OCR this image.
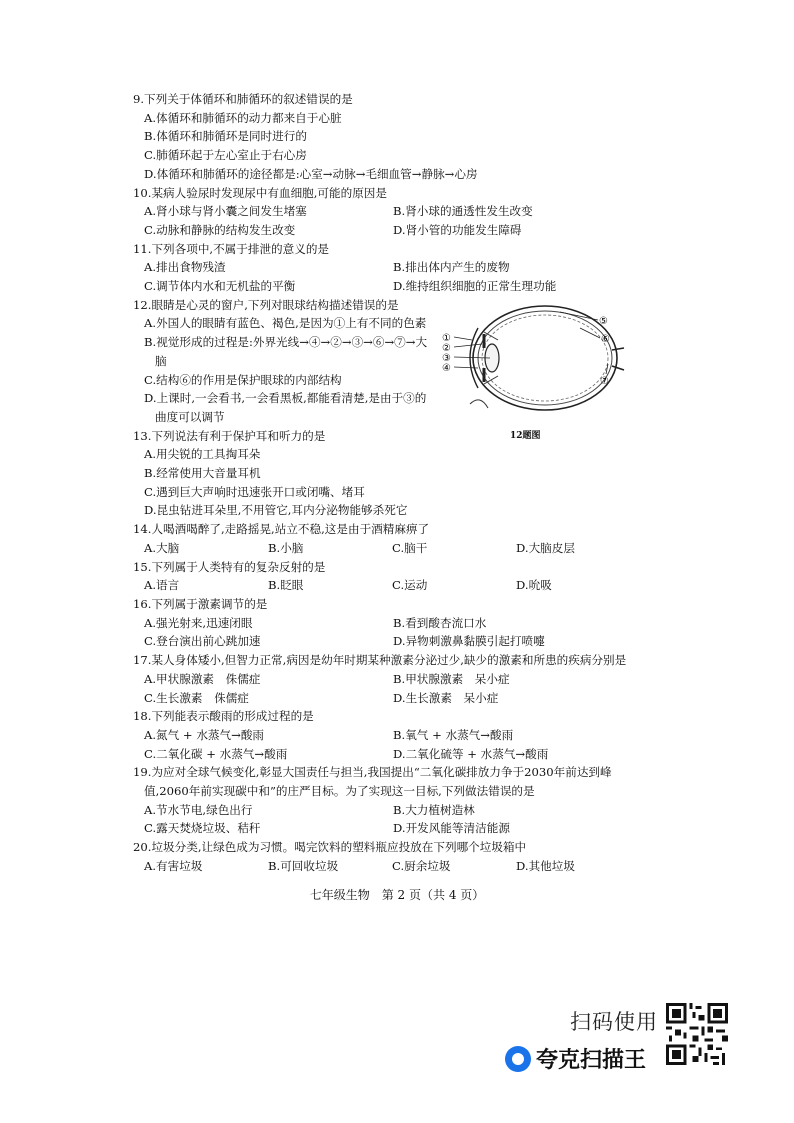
9.下列关于体循环和肺循环的叙述错误的是
A.体循环和肺循环的动力都来自于心脏
B.体循环和肺循环是同时进行的
C.肺循环起于左心室止于右心房
D.体循环和肺循环的途径都是:心室→动脉→毛细血管→静脉→心房
10.某病人验尿时发现尿中有血细胞,可能的原因是
A.肾小球与肾小囊之间发生堵塞	B.肾小球的通透性发生改变
C.动脉和静脉的结构发生改变	D.肾小管的功能发生障碍
11.下列各项中,不属于排泄的意义的是
A.排出食物残渣	B.排出体内产生的废物
C.调节体内水和无机盐的平衡	D.维持组织细胞的正常生理功能
12.眼睛是心灵的窗户,下列对眼球结构描述错误的是
A.外国人的眼睛有蓝色、褐色,是因为①上有不同的色素
B.视觉形成的过程是:外界光线→④→②→③→⑥→⑦→大脑
C.结构⑥的作用是保护眼球的内部结构
D.上课时,一会看书,一会看黑板,都能看清楚,是由于③的曲度可以调节
13.下列说法有利于保护耳和听力的是
A.用尖锐的工具掏耳朵
B.经常使用大音量耳机
C.遇到巨大声响时迅速张开口或闭嘴、堵耳
D.昆虫钻进耳朵里,不用管它,耳内分泌物能够杀死它
14.人喝酒喝醉了,走路摇晃,站立不稳,这是由于酒精麻痹了
A.大脑	B.小脑	C.脑干	D.大脑皮层
15.下列属于人类特有的复杂反射的是
A.语言	B.眨眼	C.运动	D.吮吸
16.下列属于激素调节的是
A.强光射来,迅速闭眼	B.看到酸杏流口水
C.登台演出前心跳加速	D.异物刺激鼻黏膜引起打喷嚏
17.某人身体矮小,但智力正常,病因是幼年时期某种激素分泌过少,缺少的激素和所患的疾病分别是
A.甲状腺激素　侏儒症	B.甲状腺激素　呆小症
C.生长激素　侏儒症	D.生长激素　呆小症
18.下列能表示酸雨的形成过程的是
A.氮气 + 水蒸气→酸雨	B.氧气 + 水蒸气→酸雨
C.二氧化碳 + 水蒸气→酸雨	D.二氧化硫等 + 水蒸气→酸雨
19.为应对全球气候变化,彰显大国责任与担当,我国提出“二氧化碳排放力争于2030年前达到峰值,2060年前实现碳中和”的庄严目标。为了实现这一目标,下列做法错误的是
A.节水节电,绿色出行	B.大力植树造林
C.露天焚烧垃圾、秸秆	D.开发风能等清洁能源
20.垃圾分类,让绿色成为习惯。喝完饮料的塑料瓶应投放在下列哪个垃圾箱中
A.有害垃圾	B.可回收垃圾	C.厨余垃圾	D.其他垃圾
①
②
③
④
⑤
⑥
⑦
12题图
七年级生物　第 2 页（共 4 页）
扫码使用
夸克扫描王
